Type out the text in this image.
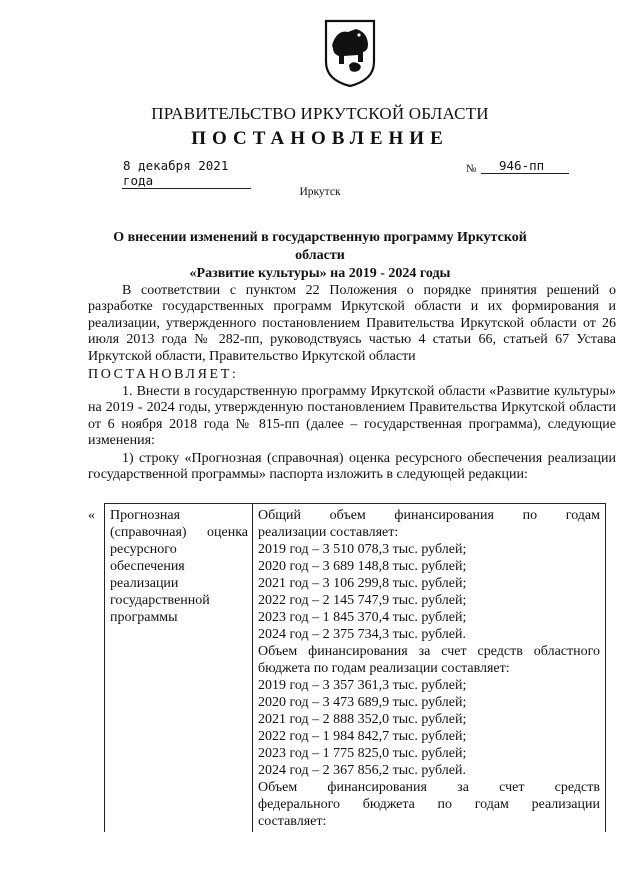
ПРАВИТЕЛЬСТВО ИРКУТСКОЙ ОБЛАСТИ
ПОСТАНОВЛЕНИЕ
8 декабря 2021 года
№	946-пп
Иркутск
О внесении изменений в государственную программу Иркутской области
«Развитие культуры» на 2019 - 2024 годы
В соответствии с пунктом 22 Положения о порядке принятия решений о разработке государственных программ Иркутской области и их формирования и реализации, утвержденного постановлением Правительства Иркутской области от 26 июля 2013 года № 282-пп, руководствуясь частью 4 статьи 66, статьей 67 Устава Иркутской области, Правительство Иркутской области
ПОСТАНОВЛЯЕТ:
1. Внести в государственную программу Иркутской области «Развитие культуры» на 2019 - 2024 годы, утвержденную постановлением Правительства Иркутской области от 6 ноября 2018 года № 815-пп (далее – государственная программа), следующие изменения:
1) строку «Прогнозная (справочная) оценка ресурсного обеспечения реализации государственной программы» паспорта изложить в следующей редакции:
« Прогнозная (справочная) оценка ресурсного обеспечения реализации государственной программы
Общий объем финансирования по годам
реализации составляет:
2019 год – 3 510 078,3 тыс. рублей;
2020 год – 3 689 148,8 тыс. рублей;
2021 год – 3 106 299,8 тыс. рублей;
2022 год – 2 145 747,9 тыс. рублей;
2023 год – 1 845 370,4 тыс. рублей;
2024 год – 2 375 734,3 тыс. рублей.
Объем финансирования за счет средств областного
бюджета по годам реализации составляет:
2019 год – 3 357 361,3 тыс. рублей;
2020 год – 3 473 689,9 тыс. рублей;
2021 год – 2 888 352,0 тыс. рублей;
2022 год – 1 984 842,7 тыс. рублей;
2023 год – 1 775 825,0 тыс. рублей;
2024 год – 2 367 856,2 тыс. рублей.
Объем финансирования за счет средств
федерального бюджета по годам реализации
составляет:
